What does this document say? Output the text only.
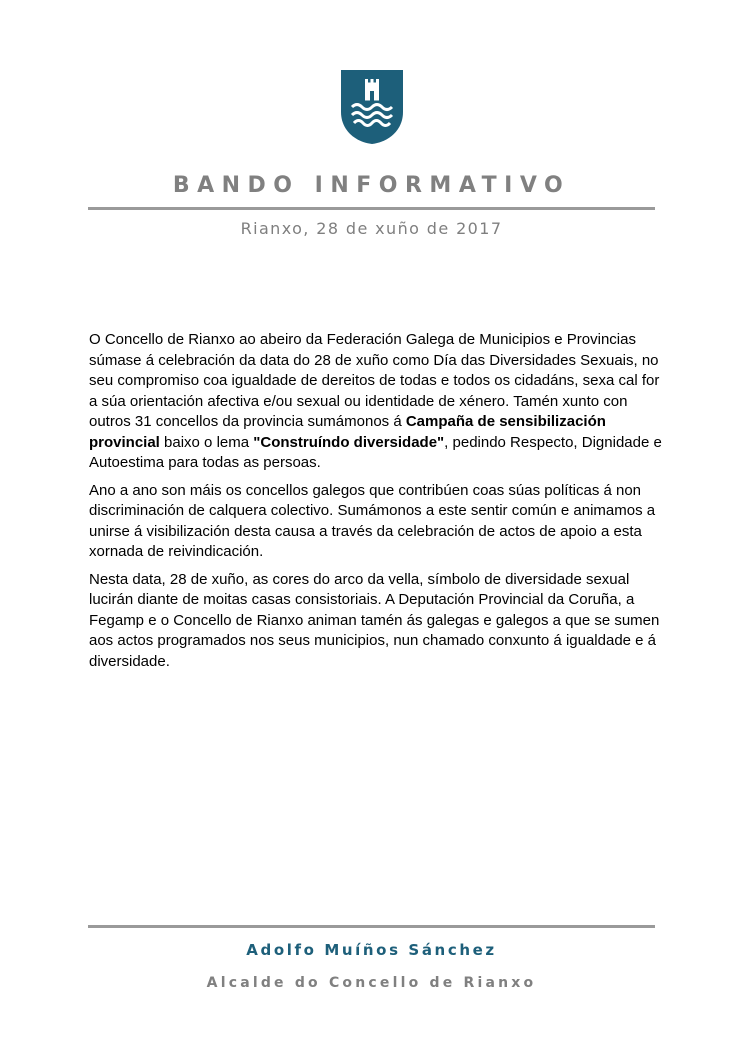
BANDO INFORMATIVO
Rianxo, 28 de xuño de 2017

O Concello de Rianxo ao abeiro da Federación Galega de Municipios e Provincias súmase á celebración da data do 28 de xuño como Día das Diversidades Sexuais, no seu compromiso coa igualdade de dereitos de todas e todos os cidadáns, sexa cal for a súa orientación afectiva e/ou sexual ou identidade de xénero. Tamén xunto con outros 31 concellos da provincia sumámonos á Campaña de sensibilización provincial baixo o lema "Construíndo diversidade", pedindo Respecto, Dignidade e Autoestima para todas as persoas.

Ano a ano son máis os concellos galegos que contribúen coas súas políticas á non discriminación de calquera colectivo. Sumámonos a este sentir común e animamos a unirse á visibilización desta causa a través da celebración de actos de apoio a esta xornada de reivindicación.

Nesta data, 28 de xuño, as cores do arco da vella, símbolo de diversidade sexual lucirán diante de moitas casas consistoriais. A Deputación Provincial da Coruña, a Fegamp e o Concello de Rianxo animan tamén ás galegas e galegos a que se sumen aos actos programados nos seus municipios, nun chamado conxunto á igualdade e á diversidade.

Adolfo Muíños Sánchez
Alcalde do Concello de Rianxo
